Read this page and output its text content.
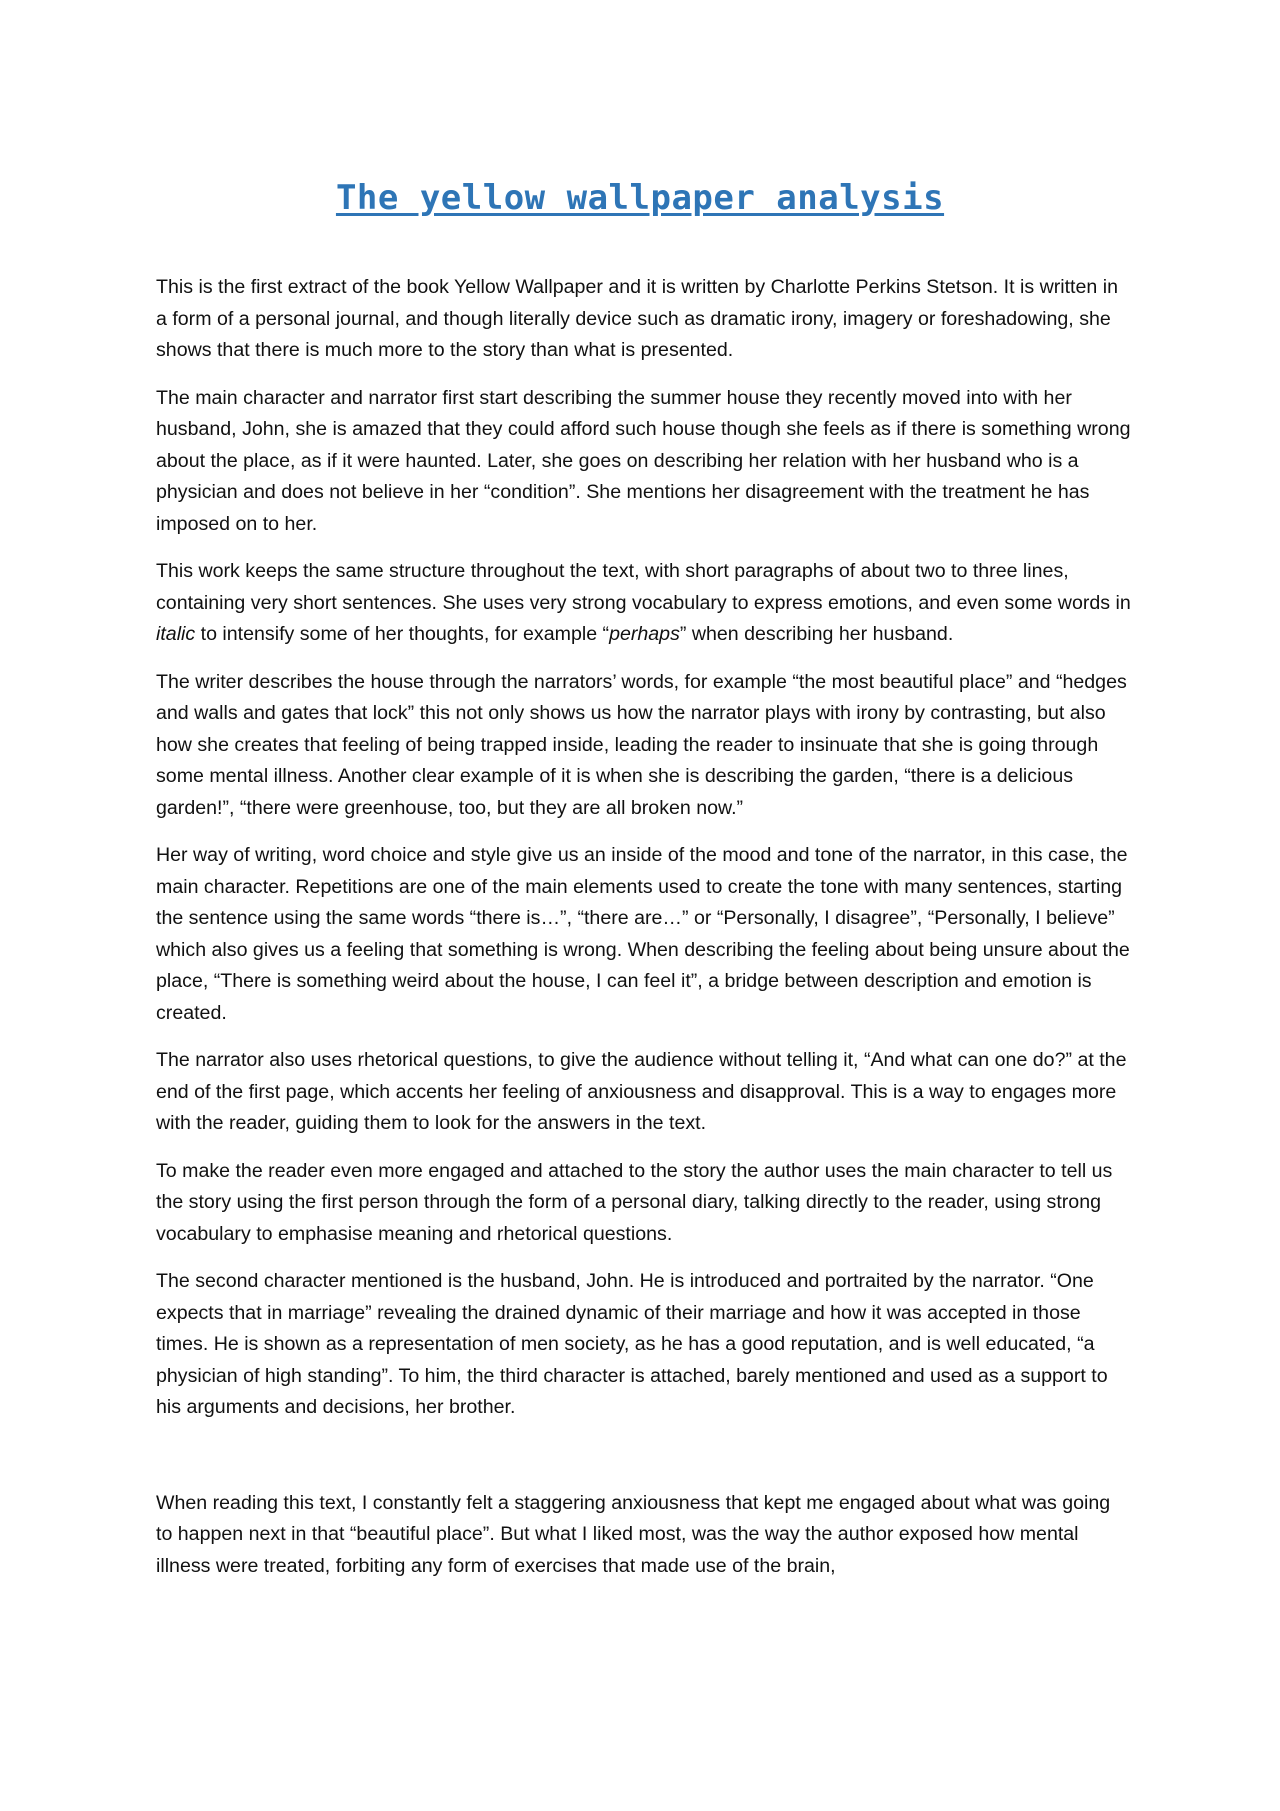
The yellow wallpaper analysis

This is the first extract of the book Yellow Wallpaper and it is written by Charlotte Perkins Stetson. It is written in a form of a personal journal, and though literally device such as dramatic irony, imagery or foreshadowing, she shows that there is much more to the story than what is presented.

The main character and narrator first start describing the summer house they recently moved into with her husband, John, she is amazed that they could afford such house though she feels as if there is something wrong about the place, as if it were haunted. Later, she goes on describing her relation with her husband who is a physician and does not believe in her “condition”. She mentions her disagreement with the treatment he has imposed on to her.

This work keeps the same structure throughout the text, with short paragraphs of about two to three lines, containing very short sentences. She uses very strong vocabulary to express emotions, and even some words in italic to intensify some of her thoughts, for example “perhaps” when describing her husband.

The writer describes the house through the narrators’ words, for example “the most beautiful place” and “hedges and walls and gates that lock” this not only shows us how the narrator plays with irony by contrasting, but also how she creates that feeling of being trapped inside, leading the reader to insinuate that she is going through some mental illness. Another clear example of it is when she is describing the garden, “there is a delicious garden!”, “there were greenhouse, too, but they are all broken now.”

Her way of writing, word choice and style give us an inside of the mood and tone of the narrator, in this case, the main character. Repetitions are one of the main elements used to create the tone with many sentences, starting the sentence using the same words “there is…”, “there are…” or “Personally, I disagree”, “Personally, I believe” which also gives us a feeling that something is wrong. When describing the feeling about being unsure about the place, “There is something weird about the house, I can feel it”, a bridge between description and emotion is created.

The narrator also uses rhetorical questions, to give the audience without telling it, “And what can one do?” at the end of the first page, which accents her feeling of anxiousness and disapproval. This is a way to engages more with the reader, guiding them to look for the answers in the text.

To make the reader even more engaged and attached to the story the author uses the main character to tell us the story using the first person through the form of a personal diary, talking directly to the reader, using strong vocabulary to emphasise meaning and rhetorical questions.

The second character mentioned is the husband, John. He is introduced and portraited by the narrator. “One expects that in marriage” revealing the drained dynamic of their marriage and how it was accepted in those times. He is shown as a representation of men society, as he has a good reputation, and is well educated, “a physician of high standing”. To him, the third character is attached, barely mentioned and used as a support to his arguments and decisions, her brother.

When reading this text, I constantly felt a staggering anxiousness that kept me engaged about what was going to happen next in that “beautiful place”. But what I liked most, was the way the author exposed how mental illness were treated, forbiting any form of exercises that made use of the brain,
